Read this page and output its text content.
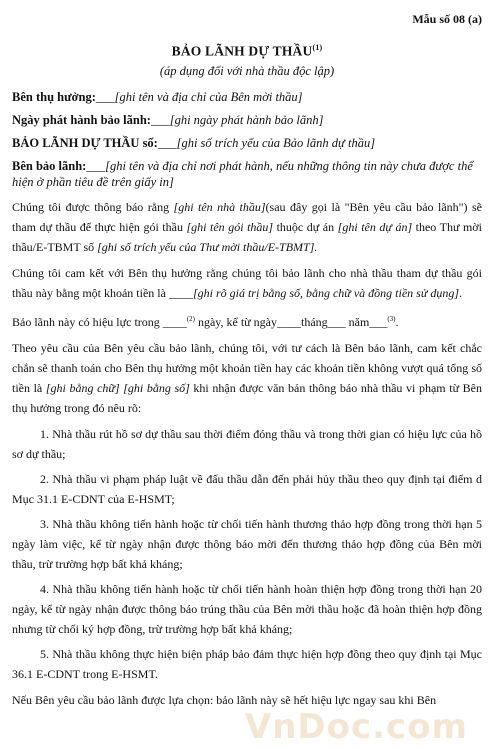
Mẫu số 08 (a)
BẢO LÃNH DỰ THẦU$^{(1)}$
(áp dụng đối với nhà thầu độc lập)
Bên thụ hưởng:___[ghi tên và địa chỉ của Bên mời thầu]
Ngày phát hành bảo lãnh:___[ghi ngày phát hành bảo lãnh]
BẢO LÃNH DỰ THẦU số:___[ghi số trích yếu của Bảo lãnh dự thầu]
Bên bảo lãnh:___[ghi tên và địa chỉ nơi phát hành, nếu những thông tin này chưa được thể hiện ở phần tiêu đề trên giấy in]

Chúng tôi được thông báo rằng [ghi tên nhà thầu](sau đây gọi là "Bên yêu cầu bảo lãnh") sẽ tham dự thầu để thực hiện gói thầu [ghi tên gói thầu] thuộc dự án [ghi tên dự án] theo Thư mời thầu/E-TBMT số [ghi số trích yếu của Thư mời thầu/E-TBMT].

Chúng tôi cam kết với Bên thụ hưởng rằng chúng tôi bảo lãnh cho nhà thầu tham dự thầu gói thầu này bằng một khoản tiền là ____[ghi rõ giá trị bằng số, bằng chữ và đồng tiền sử dụng].

Bảo lãnh này có hiệu lực trong ____$^{(2)}$ ngày, kể từ ngày____tháng___ năm___$^{(3)}$.

Theo yêu cầu của Bên yêu cầu bảo lãnh, chúng tôi, với tư cách là Bên bảo lãnh, cam kết chắc chắn sẽ thanh toán cho Bên thụ hưởng một khoản tiền hay các khoản tiền không vượt quá tổng số tiền là [ghi bằng chữ] [ghi bằng số] khi nhận được văn bản thông báo nhà thầu vi phạm từ Bên thụ hưởng trong đó nêu rõ:

1. Nhà thầu rút hồ sơ dự thầu sau thời điểm đóng thầu và trong thời gian có hiệu lực của hồ sơ dự thầu;

2. Nhà thầu vi phạm pháp luật về đấu thầu dẫn đến phải hủy thầu theo quy định tại điểm d Mục 31.1 E-CDNT của E-HSMT;

3. Nhà thầu không tiến hành hoặc từ chối tiến hành thương thảo hợp đồng trong thời hạn 5 ngày làm việc, kể từ ngày nhận được thông báo mời đến thương thảo hợp đồng của Bên mời thầu, trừ trường hợp bất khả kháng;

4. Nhà thầu không tiến hành hoặc từ chối tiến hành hoàn thiện hợp đồng trong thời hạn 20 ngày, kể từ ngày nhận được thông báo trúng thầu của Bên mời thầu hoặc đã hoàn thiện hợp đồng nhưng từ chối ký hợp đồng, trừ trường hợp bất khả kháng;

5. Nhà thầu không thực hiện biện pháp bảo đảm thực hiện hợp đồng theo quy định tại Mục 36.1 E-CDNT trong E-HSMT.

Nếu Bên yêu cầu bảo lãnh được lựa chọn: bảo lãnh này sẽ hết hiệu lực ngay sau khi Bên

VnDoc.com
